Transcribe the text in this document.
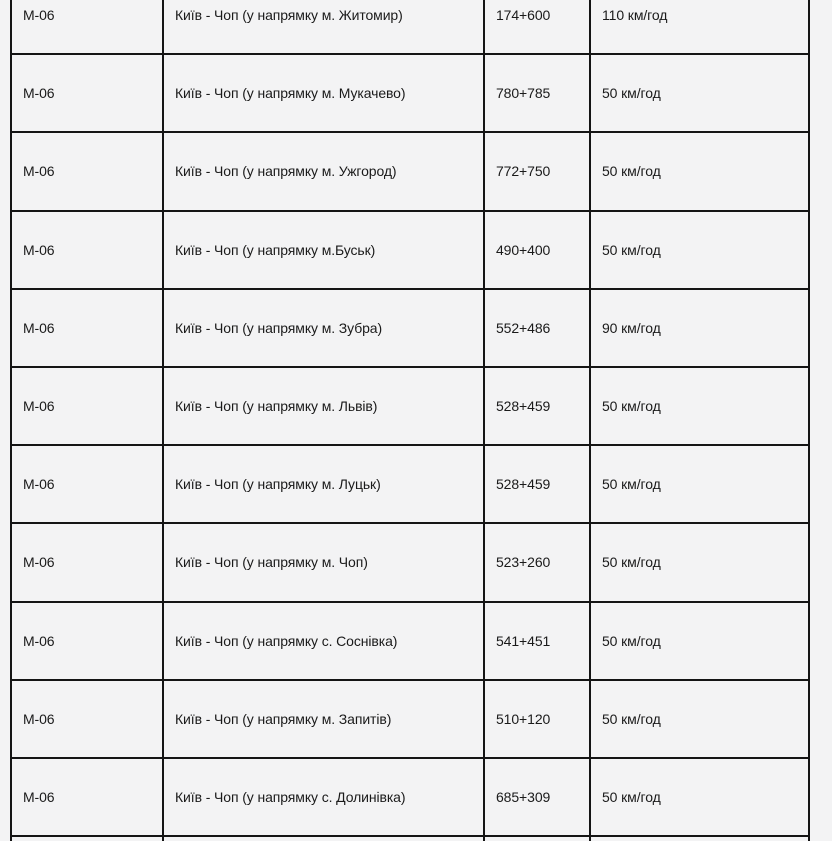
М-06	Київ - Чоп (у напрямку м. Житомир)	174+600	110 км/год
М-06	Київ - Чоп (у напрямку м. Мукачево)	780+785	50 км/год
М-06	Київ - Чоп (у напрямку м. Ужгород)	772+750	50 км/год
М-06	Київ - Чоп (у напрямку м.Буськ)	490+400	50 км/год
М-06	Київ - Чоп (у напрямку м. Зубра)	552+486	90 км/год
М-06	Київ - Чоп (у напрямку м. Львів)	528+459	50 км/год
М-06	Київ - Чоп (у напрямку м. Луцьк)	528+459	50 км/год
М-06	Київ - Чоп (у напрямку м. Чоп)	523+260	50 км/год
М-06	Київ - Чоп (у напрямку с. Соснівка)	541+451	50 км/год
М-06	Київ - Чоп (у напрямку м. Запитів)	510+120	50 км/год
М-06	Київ - Чоп (у напрямку с. Долинівка)	685+309	50 км/год
